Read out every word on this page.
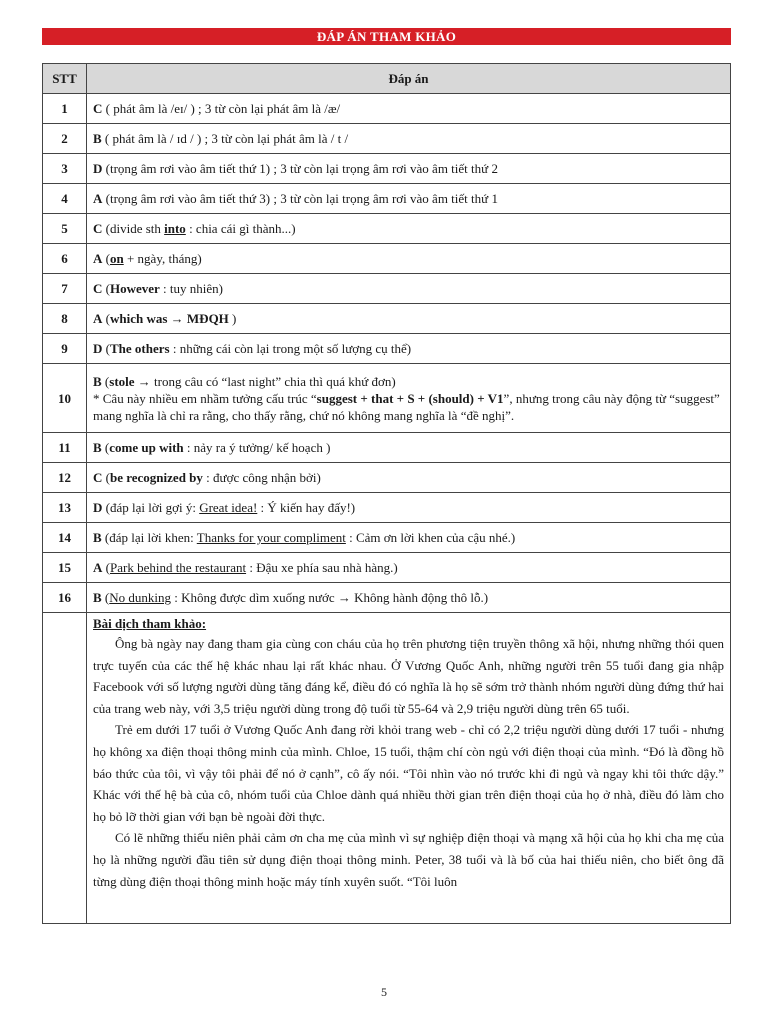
ĐÁP ÁN THAM KHẢO
STT	Đáp án
1	C ( phát âm là /eɪ/ ) ; 3 từ còn lại phát âm là /æ/
2	B ( phát âm là / ɪd / ) ; 3 từ còn lại phát âm là / t /
3	D (trọng âm rơi vào âm tiết thứ 1) ; 3 từ còn lại trọng âm rơi vào âm tiết thứ 2
4	A (trọng âm rơi vào âm tiết thứ 3) ; 3 từ còn lại trọng âm rơi vào âm tiết thứ 1
5	C (divide sth into : chia cái gì thành...)
6	A (on + ngày, tháng)
7	C (However : tuy nhiên)
8	A (which was → MĐQH )
9	D (The others : những cái còn lại trong một số lượng cụ thể)
10	B (stole → trong câu có “last night” chia thì quá khứ đơn)
* Câu này nhiều em nhầm tưởng cấu trúc “suggest + that + S + (should) + V1”, nhưng trong câu này động từ “suggest” mang nghĩa là chỉ ra rằng, cho thấy rằng, chứ nó không mang nghĩa là “đề nghị”.

11	B (come up with : nảy ra ý tưởng/ kế hoạch )
12	C (be recognized by : được công nhận bởi)
13	D (đáp lại lời gợi ý: Great idea! : Ý kiến hay đấy!)
14	B (đáp lại lời khen: Thanks for your compliment : Cảm ơn lời khen của cậu nhé.)
15	A (Park behind the restaurant : Đậu xe phía sau nhà hàng.)
16	B (No dunking : Không được dìm xuống nước → Không hành động thô lỗ.)

	Bài dịch tham khảo:

Ông bà ngày nay đang tham gia cùng con cháu của họ trên phương tiện truyền thông xã hội, nhưng những thói quen trực tuyến của các thế hệ khác nhau lại rất khác nhau. Ở Vương Quốc Anh, những người trên 55 tuổi đang gia nhập Facebook với số lượng người dùng tăng đáng kể, điều đó có nghĩa là họ sẽ sớm trở thành nhóm người dùng đứng thứ hai của trang web này, với 3,5 triệu người dùng trong độ tuổi từ 55-64 và 2,9 triệu người dùng trên 65 tuổi.

Trẻ em dưới 17 tuổi ở Vương Quốc Anh đang rời khỏi trang web - chỉ có 2,2 triệu người dùng dưới 17 tuổi - nhưng họ không xa điện thoại thông minh của mình. Chloe, 15 tuổi, thậm chí còn ngủ với điện thoại của mình. “Đó là đồng hồ báo thức của tôi, vì vậy tôi phải để nó ở cạnh”, cô ấy nói. “Tôi nhìn vào nó trước khi đi ngủ và ngay khi tôi thức dậy.” Khác với thế hệ bà của cô, nhóm tuổi của Chloe dành quá nhiều thời gian trên điện thoại của họ ở nhà, điều đó làm cho họ bỏ lỡ thời gian với bạn bè ngoài đời thực.

Có lẽ những thiếu niên phải cảm ơn cha mẹ của mình vì sự nghiệp điện thoại và mạng xã hội của họ khi cha mẹ của họ là những người đầu tiên sử dụng điện thoại thông minh. Peter, 38 tuổi và là bố của hai thiếu niên, cho biết ông đã từng dùng điện thoại thông minh hoặc máy tính xuyên suốt. “Tôi luôn

5
